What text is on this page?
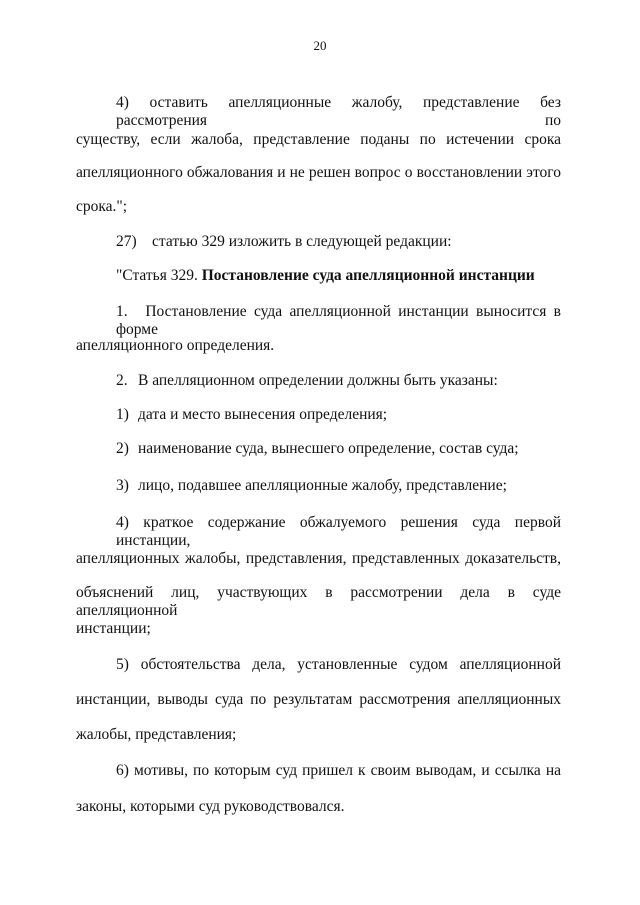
20
4) оставить апелляционные жалобу, представление без рассмотрения по
существу, если жалоба, представление поданы по истечении срока
апелляционного обжалования и не решен вопрос о восстановлении этого
срока.";
27) статью 329 изложить в следующей редакции:
"Статья 329. Постановление суда апелляционной инстанции
1. Постановление суда апелляционной инстанции выносится в форме
апелляционного определения.
2. В апелляционном определении должны быть указаны:
1) дата и место вынесения определения;
2) наименование суда, вынесшего определение, состав суда;
3) лицо, подавшее апелляционные жалобу, представление;
4) краткое содержание обжалуемого решения суда первой инстанции,
апелляционных жалобы, представления, представленных доказательств,
объяснений лиц, участвующих в рассмотрении дела в суде апелляционной
инстанции;
5) обстоятельства дела, установленные судом апелляционной
инстанции, выводы суда по результатам рассмотрения апелляционных
жалобы, представления;
6) мотивы, по которым суд пришел к своим выводам, и ссылка на
законы, которыми суд руководствовался.
